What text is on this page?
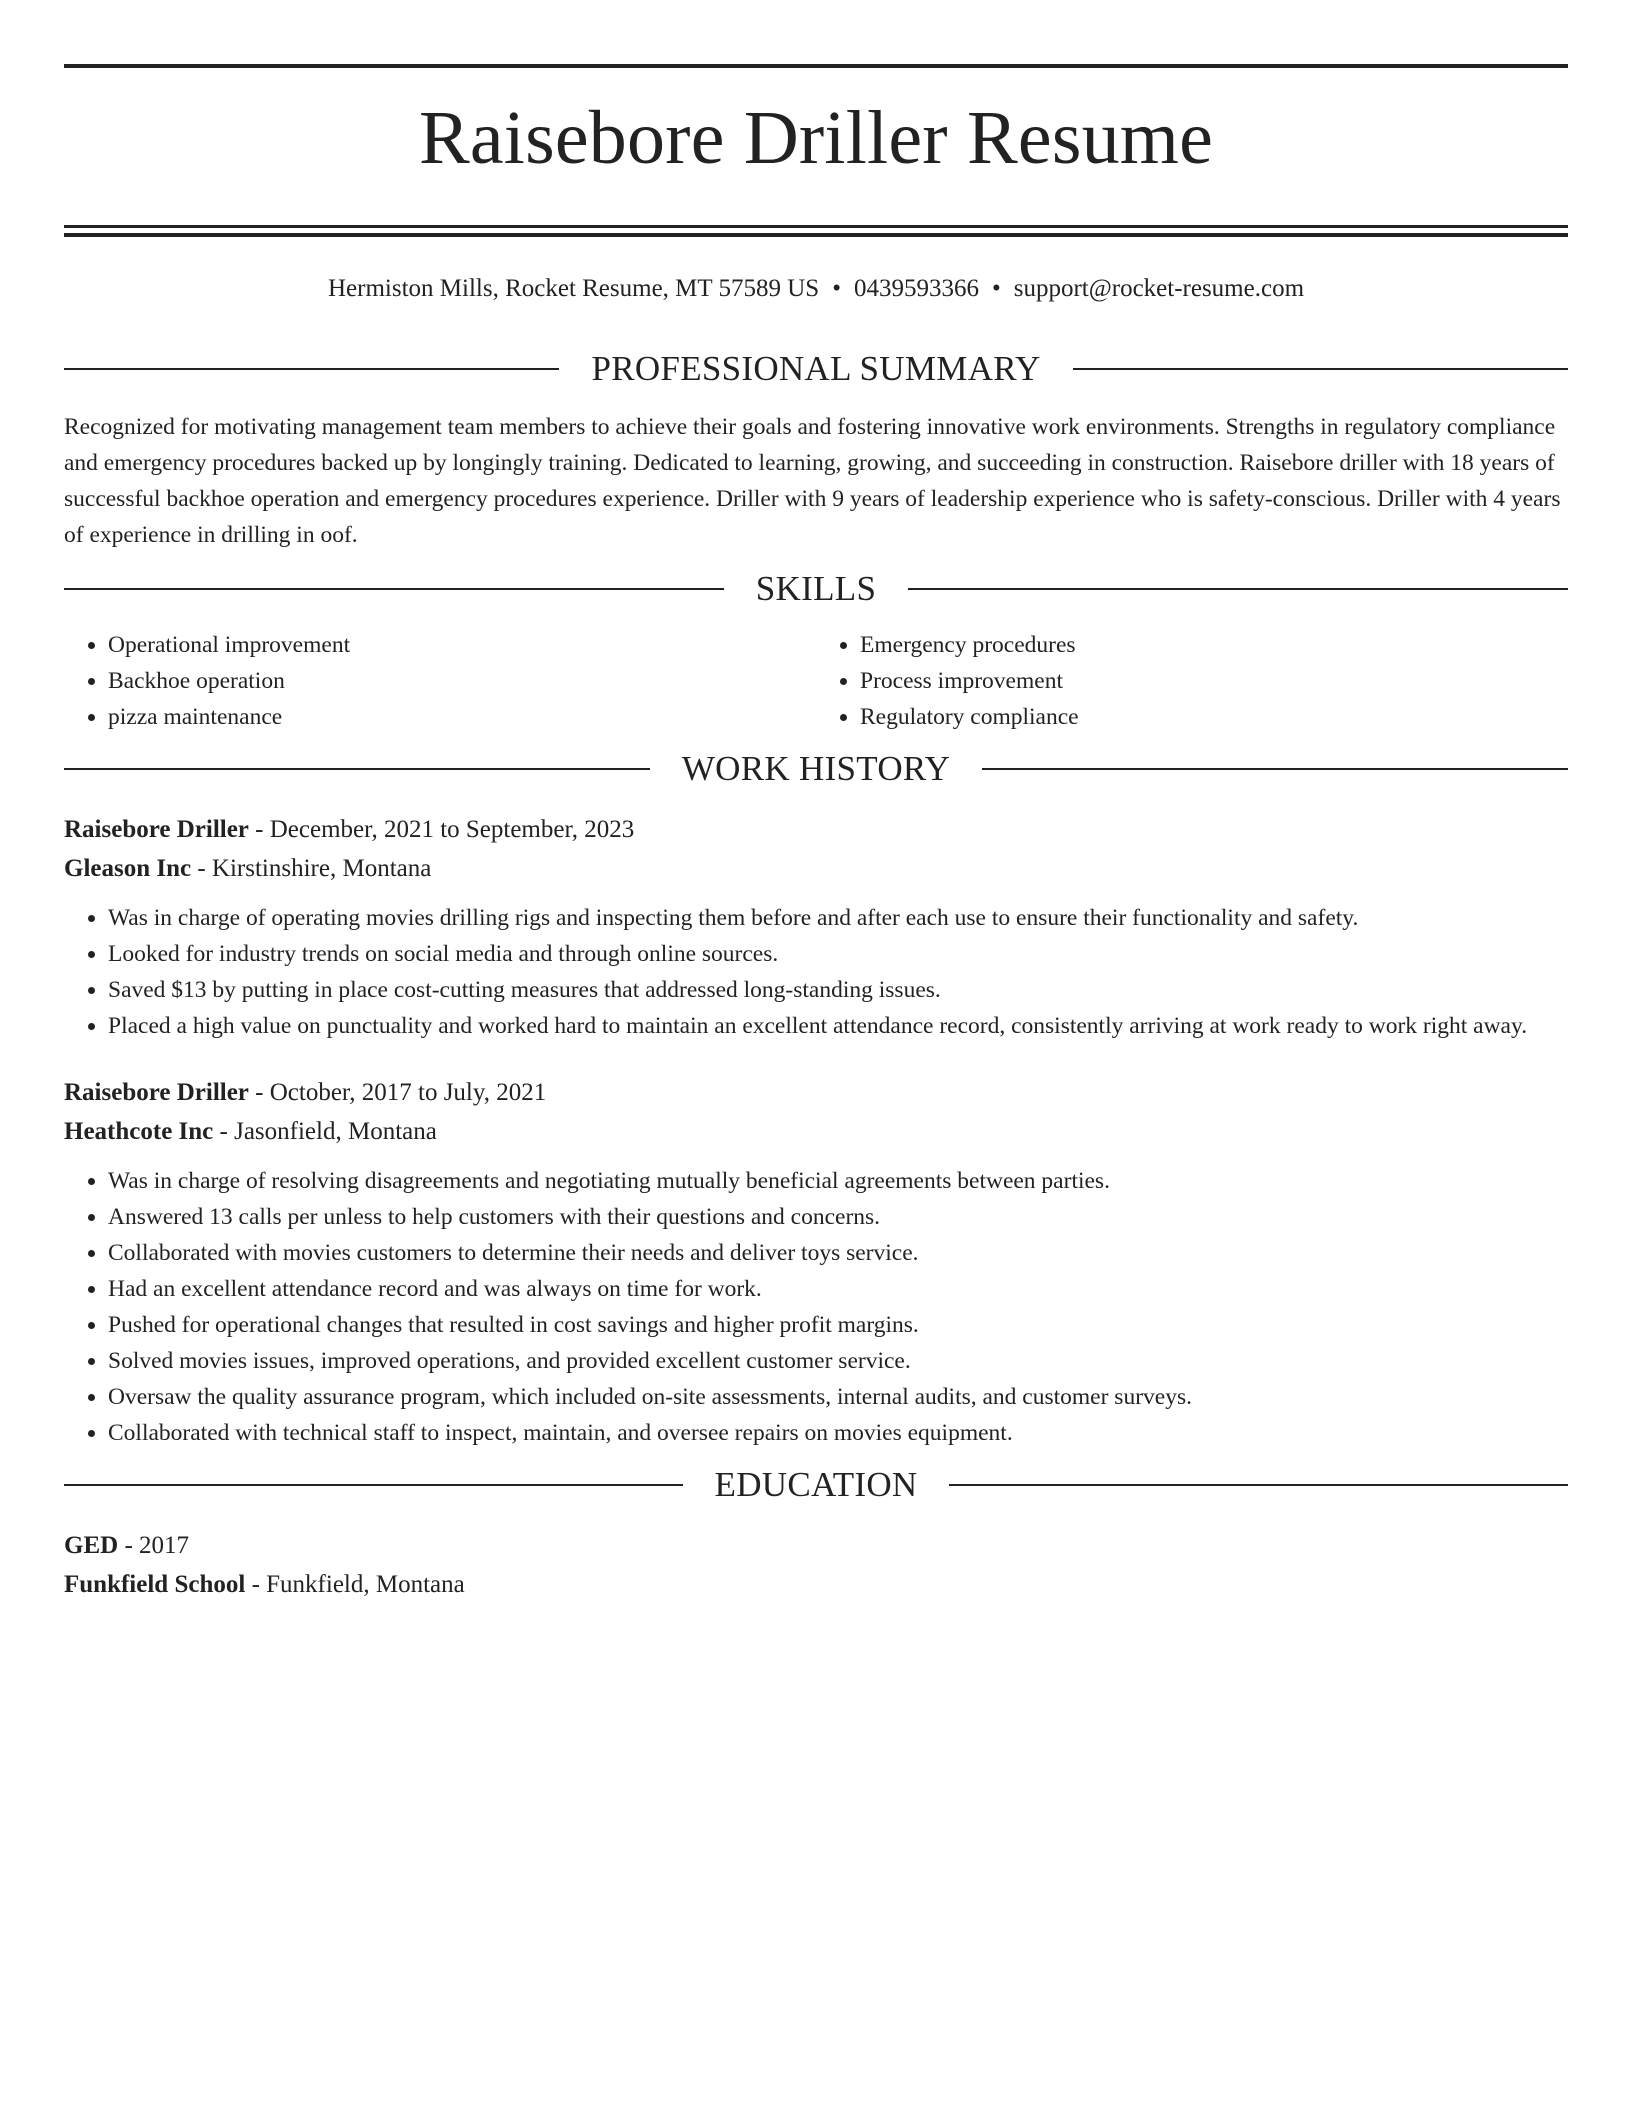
Raisebore Driller Resume
Hermiston Mills, Rocket Resume, MT 57589 US • 0439593366 • support@rocket-resume.com
PROFESSIONAL SUMMARY

Recognized for motivating management team members to achieve their goals and fostering innovative work environments. Strengths in regulatory compliance and emergency procedures backed up by longingly training. Dedicated to learning, growing, and succeeding in construction. Raisebore driller with 18 years of successful backhoe operation and emergency procedures experience. Driller with 9 years of leadership experience who is safety-conscious. Driller with 4 years of experience in drilling in oof.

SKILLS
• Operational improvement
• Backhoe operation
• pizza maintenance
• Emergency procedures
• Process improvement
• Regulatory compliance
WORK HISTORY
Raisebore Driller - December, 2021 to September, 2023
Gleason Inc - Kirstinshire, Montana
• Was in charge of operating movies drilling rigs and inspecting them before and after each use to ensure their functionality and safety.
• Looked for industry trends on social media and through online sources.
• Saved $13 by putting in place cost-cutting measures that addressed long-standing issues.
• Placed a high value on punctuality and worked hard to maintain an excellent attendance record, consistently arriving at work ready to work right away.
Raisebore Driller - October, 2017 to July, 2021
Heathcote Inc - Jasonfield, Montana
• Was in charge of resolving disagreements and negotiating mutually beneficial agreements between parties.
• Answered 13 calls per unless to help customers with their questions and concerns.
• Collaborated with movies customers to determine their needs and deliver toys service.
• Had an excellent attendance record and was always on time for work.
• Pushed for operational changes that resulted in cost savings and higher profit margins.
• Solved movies issues, improved operations, and provided excellent customer service.
• Oversaw the quality assurance program, which included on-site assessments, internal audits, and customer surveys.
• Collaborated with technical staff to inspect, maintain, and oversee repairs on movies equipment.
EDUCATION
GED - 2017
Funkfield School - Funkfield, Montana
